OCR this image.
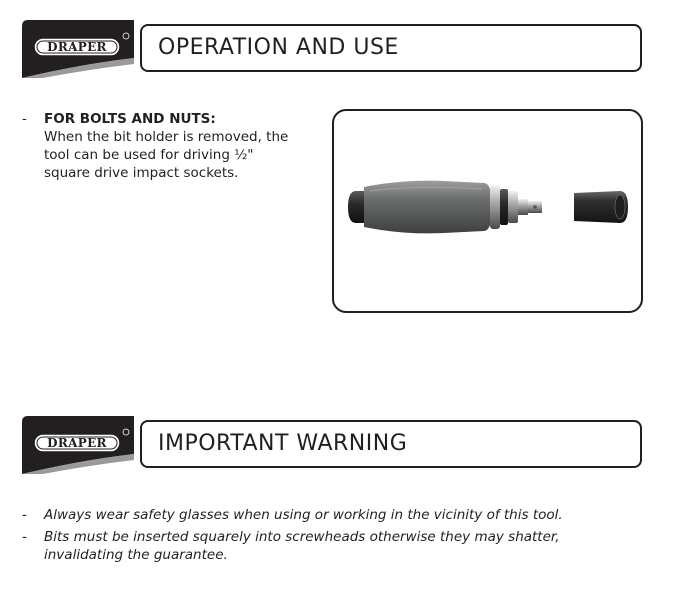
DRAPER	OPERATION AND USE
- FOR BOLTS AND NUTS:
When the bit holder is removed, the
tool can be used for driving ½"
square drive impact sockets.
DRAPER	IMPORTANT WARNING
- Always wear safety glasses when using or working in the vicinity of this tool.
- Bits must be inserted squarely into screwheads otherwise they may shatter,
invalidating the guarantee.
